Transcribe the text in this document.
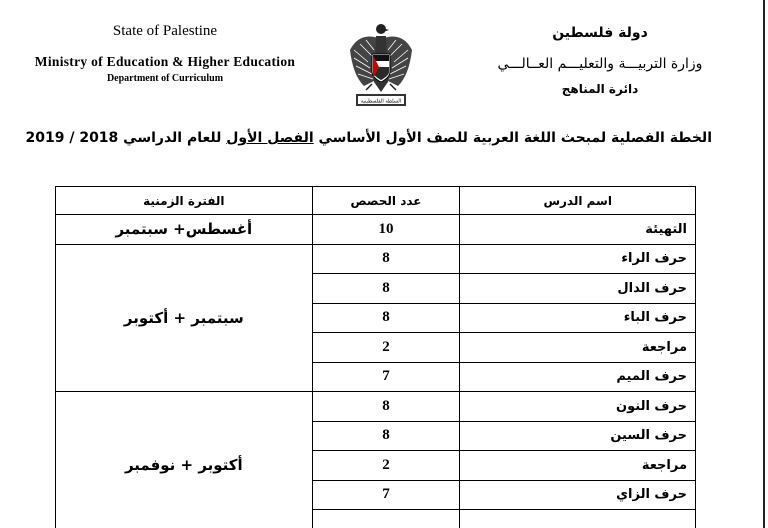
State of Palestine
Ministry of Education & Higher Education
Department of Curriculum
السلطة الفلسطينية
دولة فلسطين
وزارة التربيـــة والتعليـــم العــالـــي
دائرة المناهج
الخطة الفصلية لمبحث اللغة العربية للصف الأول الأساسي الفصل الأول للعام الدراسي 2018 / 2019
اسم الدرس	عدد الحصص	الفترة الزمنية
التهيئة	10	أغسطس+ سبتمبر
حرف الراء	8	سبتمبر + أكتوبر
حرف الدال	8	
حرف الباء	8	
مراجعة	2	
حرف الميم	7	
حرف النون	8	أكتوبر + نوفمبر
حرف السين	8	
مراجعة	2	
حرف الزاي	7	
